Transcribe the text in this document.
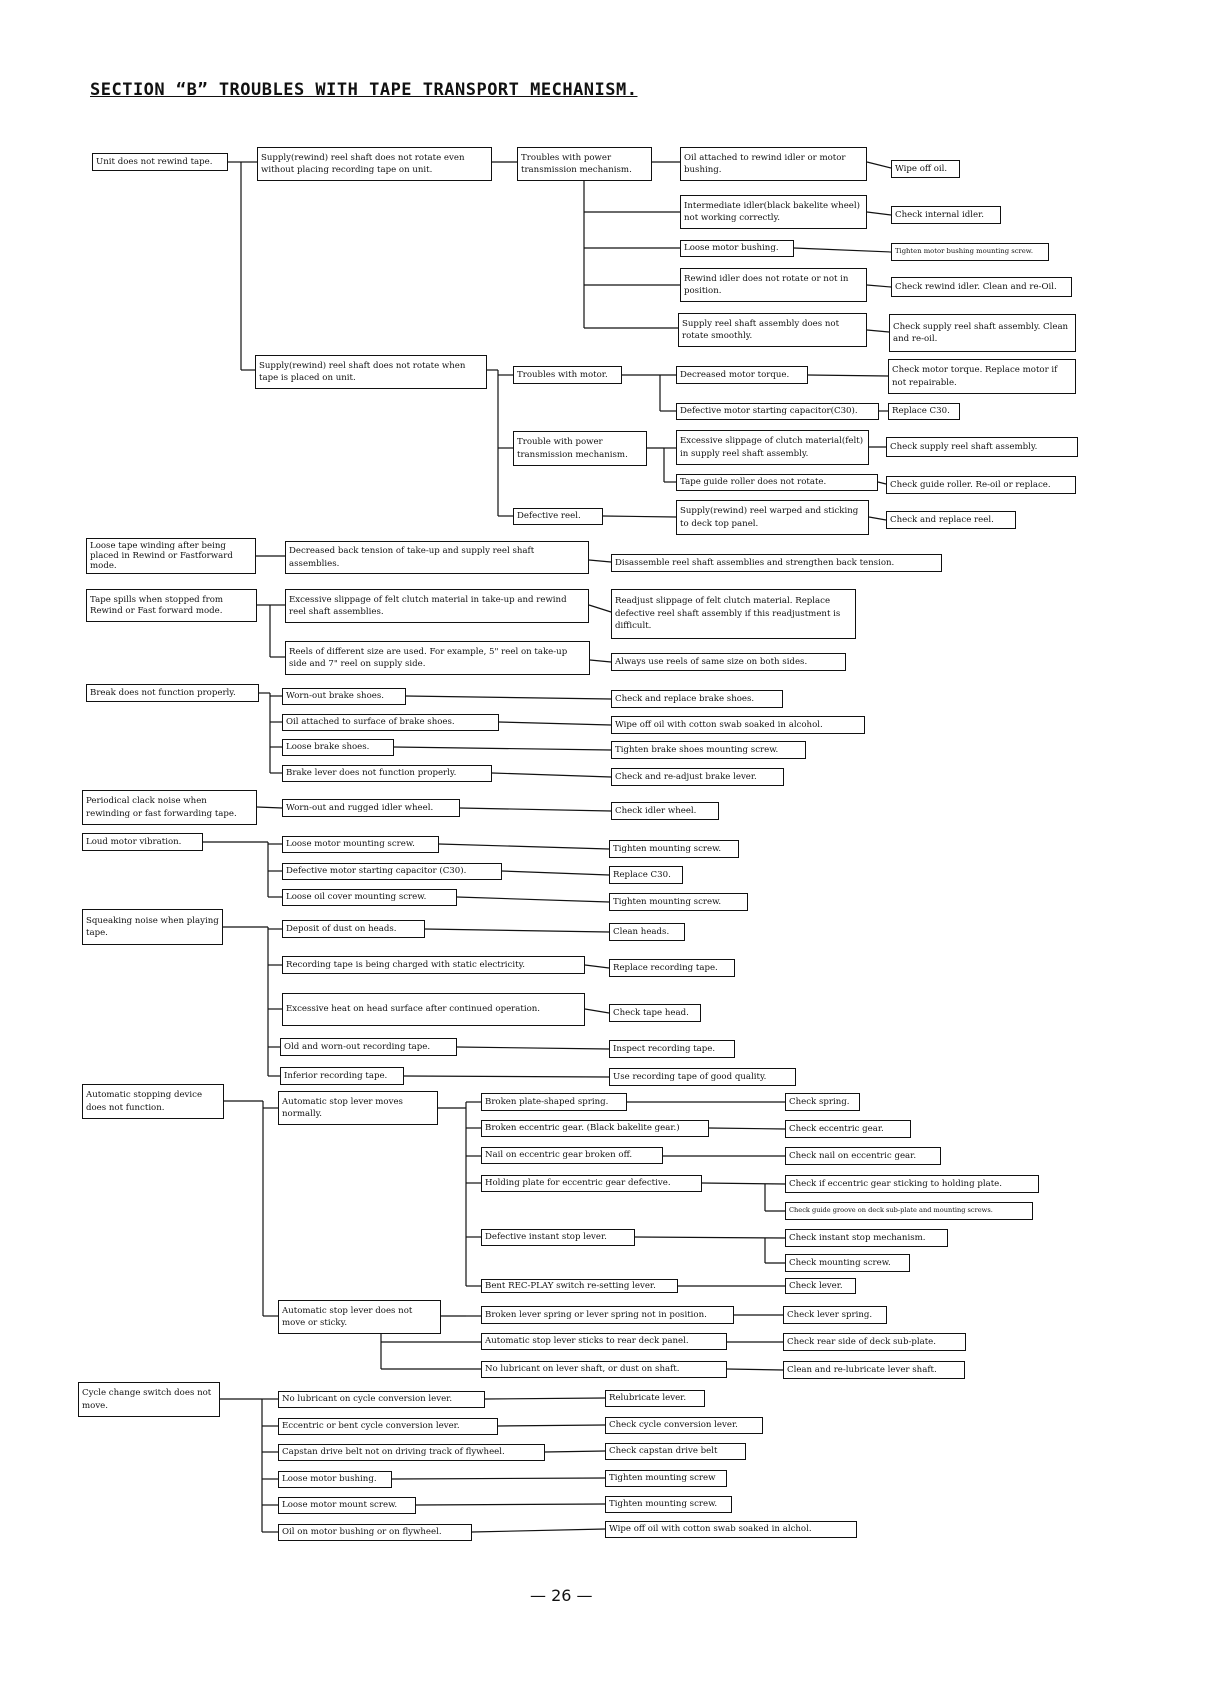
SECTION “B” TROUBLES WITH TAPE TRANSPORT MECHANISM.
Unit does not rewind tape.	Supply(rewind) reel shaft does not rotate even without placing recording tape on unit.
Troubles with power transmission mechanism.
Oil attached to rewind idler or motor bushing.	Wipe off oil.
Intermediate idler(black bakelite wheel) not working correctly.	Check internal idler.
Loose motor bushing.	Tighten motor bushing mounting screw.
Rewind idler does not rotate or not in position.	Check rewind idler. Clean and re-Oil.
Supply reel shaft assembly does not rotate smoothly.
Check supply reel shaft assembly. Clean and re-oil.
Supply(rewind) reel shaft does not rotate when tape is placed on unit.	Troubles with motor.	Decreased motor torque.	Check motor torque. Replace motor if not repairable.
Defective motor starting capacitor(C30).	Replace C30.
Trouble with power transmission mechanism.
Excessive slippage of clutch material(felt) in supply reel shaft assembly.
Check supply reel shaft assembly.
Tape guide roller does not rotate.	Check guide roller. Re-oil or replace.
Defective reel.
Supply(rewind) reel warped and sticking to deck top panel.	Check and replace reel.
Loose tape winding after being placed in Rewind or Fastforward mode.
Decreased back tension of take-up and supply reel shaft assemblies.	Disassemble reel shaft assemblies and strengthen back tension.
Tape spills when stopped from Rewind or Fast forward mode.
Excessive slippage of felt clutch material in take-up and rewind reel shaft assemblies.
Readjust slippage of felt clutch material. Replace defective reel shaft assembly if this readjustment is difficult.
Reels of different size are used. For example, 5" reel on take-up side and 7" reel on supply side.	Always use reels of same size on both sides.
Break does not function properly.	Worn-out brake shoes.	Check and replace brake shoes.
Oil attached to surface of brake shoes.	Wipe off oil with cotton swab soaked in alcohol.
Loose brake shoes.	Tighten brake shoes mounting screw.
Brake lever does not function properly.	Check and re-adjust brake lever.
Periodical clack noise when rewinding or fast forwarding tape.
Worn-out and rugged idler wheel.	Check idler wheel.
Loud motor vibration.	Loose motor mounting screw.	Tighten mounting screw.
Defective motor starting capacitor (C30).	Replace C30.
Loose oil cover mounting screw.	Tighten mounting screw.
Squeaking noise when playing tape.	Deposit of dust on heads.	Clean heads.
Recording tape is being charged with static electricity.	Replace recording tape.
Excessive heat on head surface after continued operation.	Check tape head.
Old and worn-out recording tape.	Inspect recording tape.
Inferior recording tape.	Use recording tape of good quality.
Automatic stopping device does not function.
Automatic stop lever moves normally.
Broken plate-shaped spring.	Check spring.
Broken eccentric gear. (Black bakelite gear.)	Check eccentric gear.
Nail on eccentric gear broken off.	Check nail on eccentric gear.
Holding plate for eccentric gear defective.	Check if eccentric gear sticking to holding plate.
Check guide groove on deck sub-plate and mounting screws.
Defective instant stop lever.	Check instant stop mechanism.
Check mounting screw.
Bent REC-PLAY switch re-setting lever.	Check lever.
Automatic stop lever does not move or sticky.
Broken lever spring or lever spring not in position.	Check lever spring.
Automatic stop lever sticks to rear deck panel.	Check rear side of deck sub-plate.
No lubricant on lever shaft, or dust on shaft.	Clean and re-lubricate lever shaft.
Cycle change switch does not move.
No lubricant on cycle conversion lever.	Relubricate lever.
Eccentric or bent cycle conversion lever.	Check cycle conversion lever.
Capstan drive belt not on driving track of flywheel.	Check capstan drive belt
Loose motor bushing.	Tighten mounting screw
Loose motor mount screw.	Tighten mounting screw.
Oil on motor bushing or on flywheel.	Wipe off oil with cotton swab soaked in alchol.
— 26 —
